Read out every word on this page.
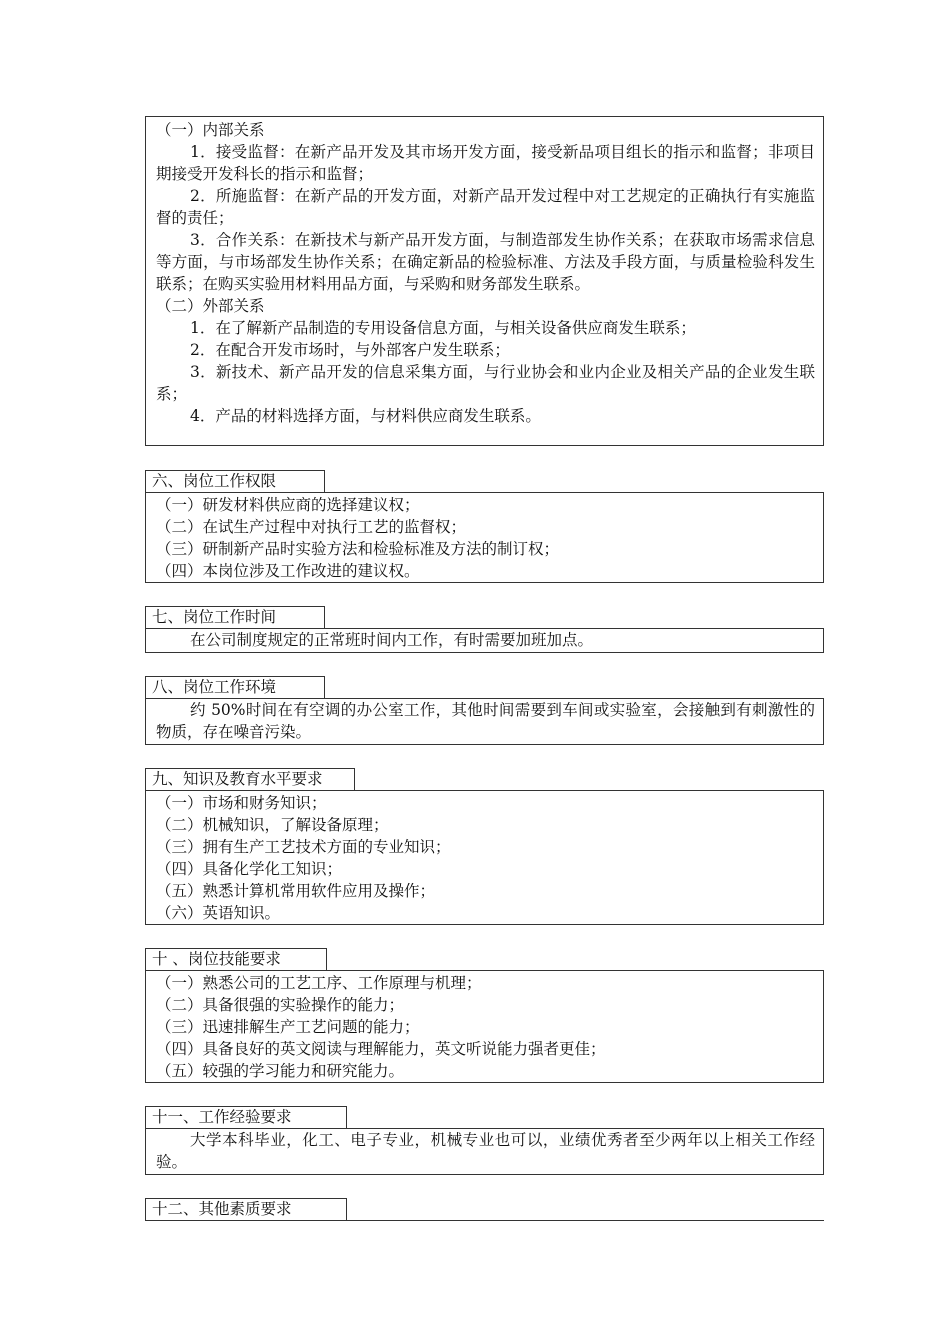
（一）内部关系

1．接受监督：在新产品开发及其市场开发方面，接受新品项目组长的指示和监督；非项目期接受开发科长的指示和监督；

2．所施监督：在新产品的开发方面，对新产品开发过程中对工艺规定的正确执行有实施监督的责任；

3．合作关系：在新技术与新产品开发方面，与制造部发生协作关系；在获取市场需求信息等方面，与市场部发生协作关系；在确定新品的检验标准、方法及手段方面，与质量检验科发生联系；在购买实验用材料用品方面，与采购和财务部发生联系。

（二）外部关系

1．在了解新产品制造的专用设备信息方面，与相关设备供应商发生联系；

2．在配合开发市场时，与外部客户发生联系；

3．新技术、新产品开发的信息采集方面，与行业协会和业内企业及相关产品的企业发生联系；

4．产品的材料选择方面，与材料供应商发生联系。

六、岗位工作权限

（一）研发材料供应商的选择建议权；

（二）在试生产过程中对执行工艺的监督权；

（三）研制新产品时实验方法和检验标准及方法的制订权；

（四）本岗位涉及工作改进的建议权。

七、岗位工作时间

在公司制度规定的正常班时间内工作，有时需要加班加点。

八、岗位工作环境

约 50%时间在有空调的办公室工作，其他时间需要到车间或实验室，会接触到有刺激性的物质，存在噪音污染。

九、知识及教育水平要求

（一）市场和财务知识；

（二）机械知识，了解设备原理；

（三）拥有生产工艺技术方面的专业知识；

（四）具备化学化工知识；

（五）熟悉计算机常用软件应用及操作；

（六）英语知识。

十 、岗位技能要求

（一）熟悉公司的工艺工序、工作原理与机理；

（二）具备很强的实验操作的能力；

（三）迅速排解生产工艺问题的能力；

（四）具备良好的英文阅读与理解能力，英文听说能力强者更佳；

（五）较强的学习能力和研究能力。

十一、工作经验要求

大学本科毕业，化工、电子专业，机械专业也可以，业绩优秀者至少两年以上相关工作经验。

十二、其他素质要求
